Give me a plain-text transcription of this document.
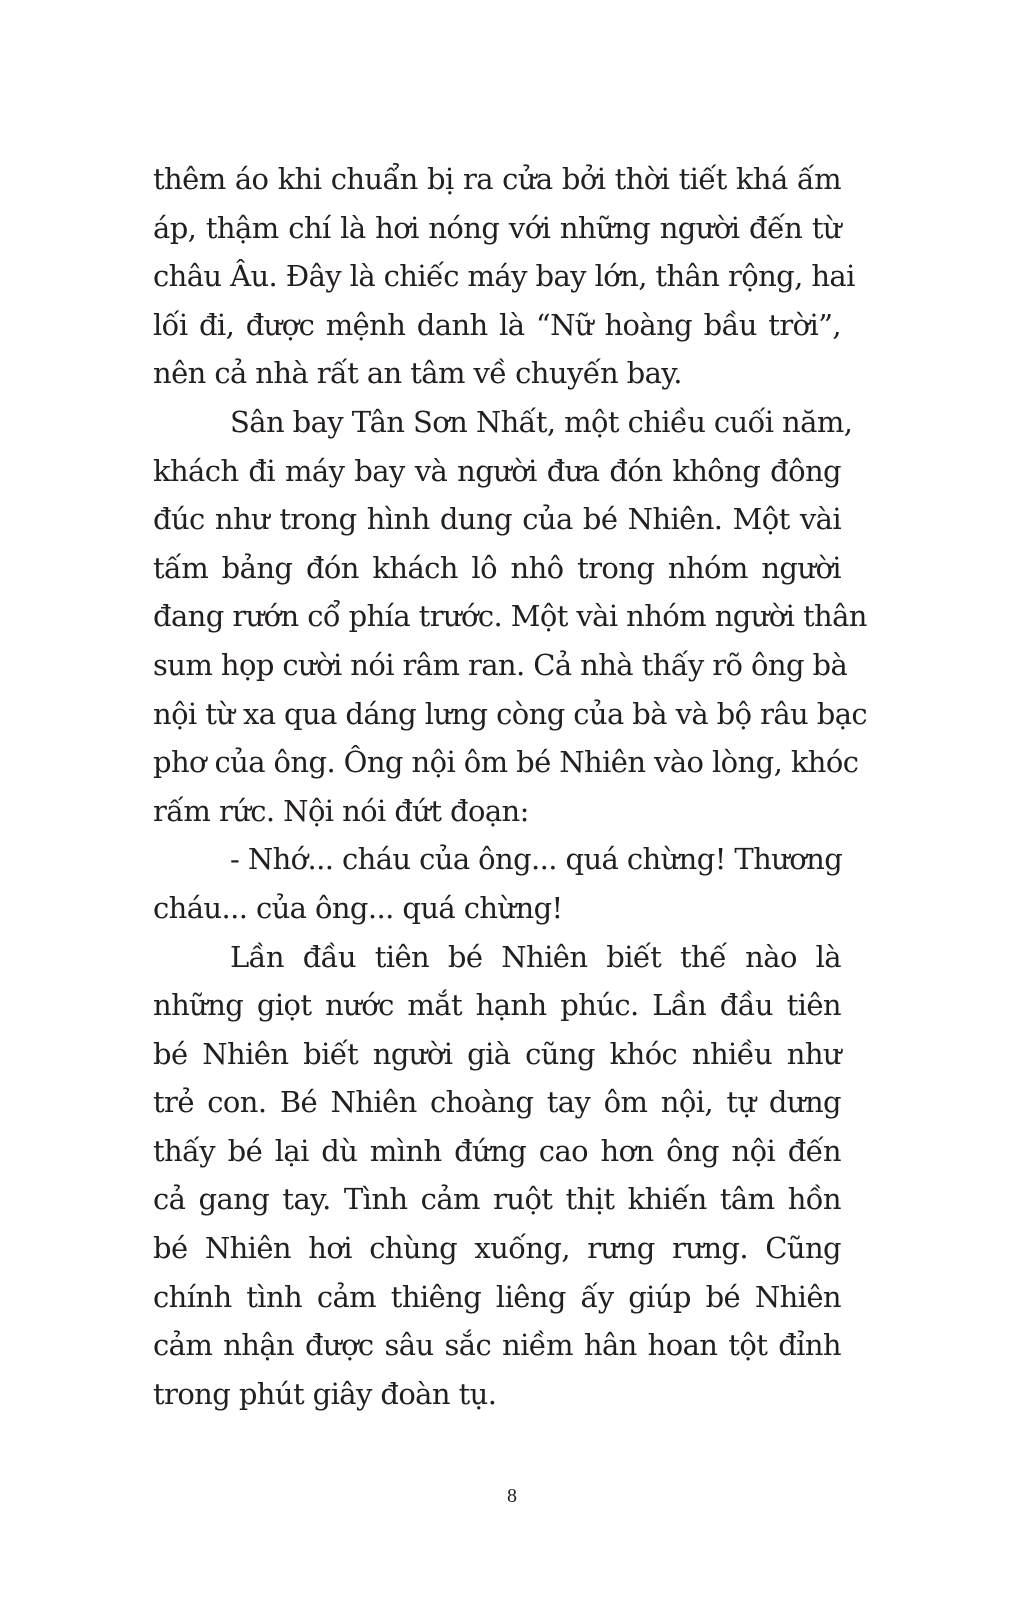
thêm áo khi chuẩn bị ra cửa bởi thời tiết khá ấm
áp, thậm chí là hơi nóng với những người đến từ
châu Âu. Đây là chiếc máy bay lớn, thân rộng, hai
lối đi, được mệnh danh là “Nữ hoàng bầu trời”,
nên cả nhà rất an tâm về chuyến bay.
Sân bay Tân Sơn Nhất, một chiều cuối năm,
khách đi máy bay và người đưa đón không đông
đúc như trong hình dung của bé Nhiên. Một vài
tấm bảng đón khách lô nhô trong nhóm người
đang rướn cổ phía trước. Một vài nhóm người thân
sum họp cười nói râm ran. Cả nhà thấy rõ ông bà
nội từ xa qua dáng lưng còng của bà và bộ râu bạc
phơ của ông. Ông nội ôm bé Nhiên vào lòng, khóc
rấm rức. Nội nói đứt đoạn:
- Nhớ... cháu của ông... quá chừng! Thương
cháu... của ông... quá chừng!
Lần đầu tiên bé Nhiên biết thế nào là
những giọt nước mắt hạnh phúc. Lần đầu tiên
bé Nhiên biết người già cũng khóc nhiều như
trẻ con. Bé Nhiên choàng tay ôm nội, tự dưng
thấy bé lại dù mình đứng cao hơn ông nội đến
cả gang tay. Tình cảm ruột thịt khiến tâm hồn
bé Nhiên hơi chùng xuống, rưng rưng. Cũng
chính tình cảm thiêng liêng ấy giúp bé Nhiên
cảm nhận được sâu sắc niềm hân hoan tột đỉnh
trong phút giây đoàn tụ.
8
